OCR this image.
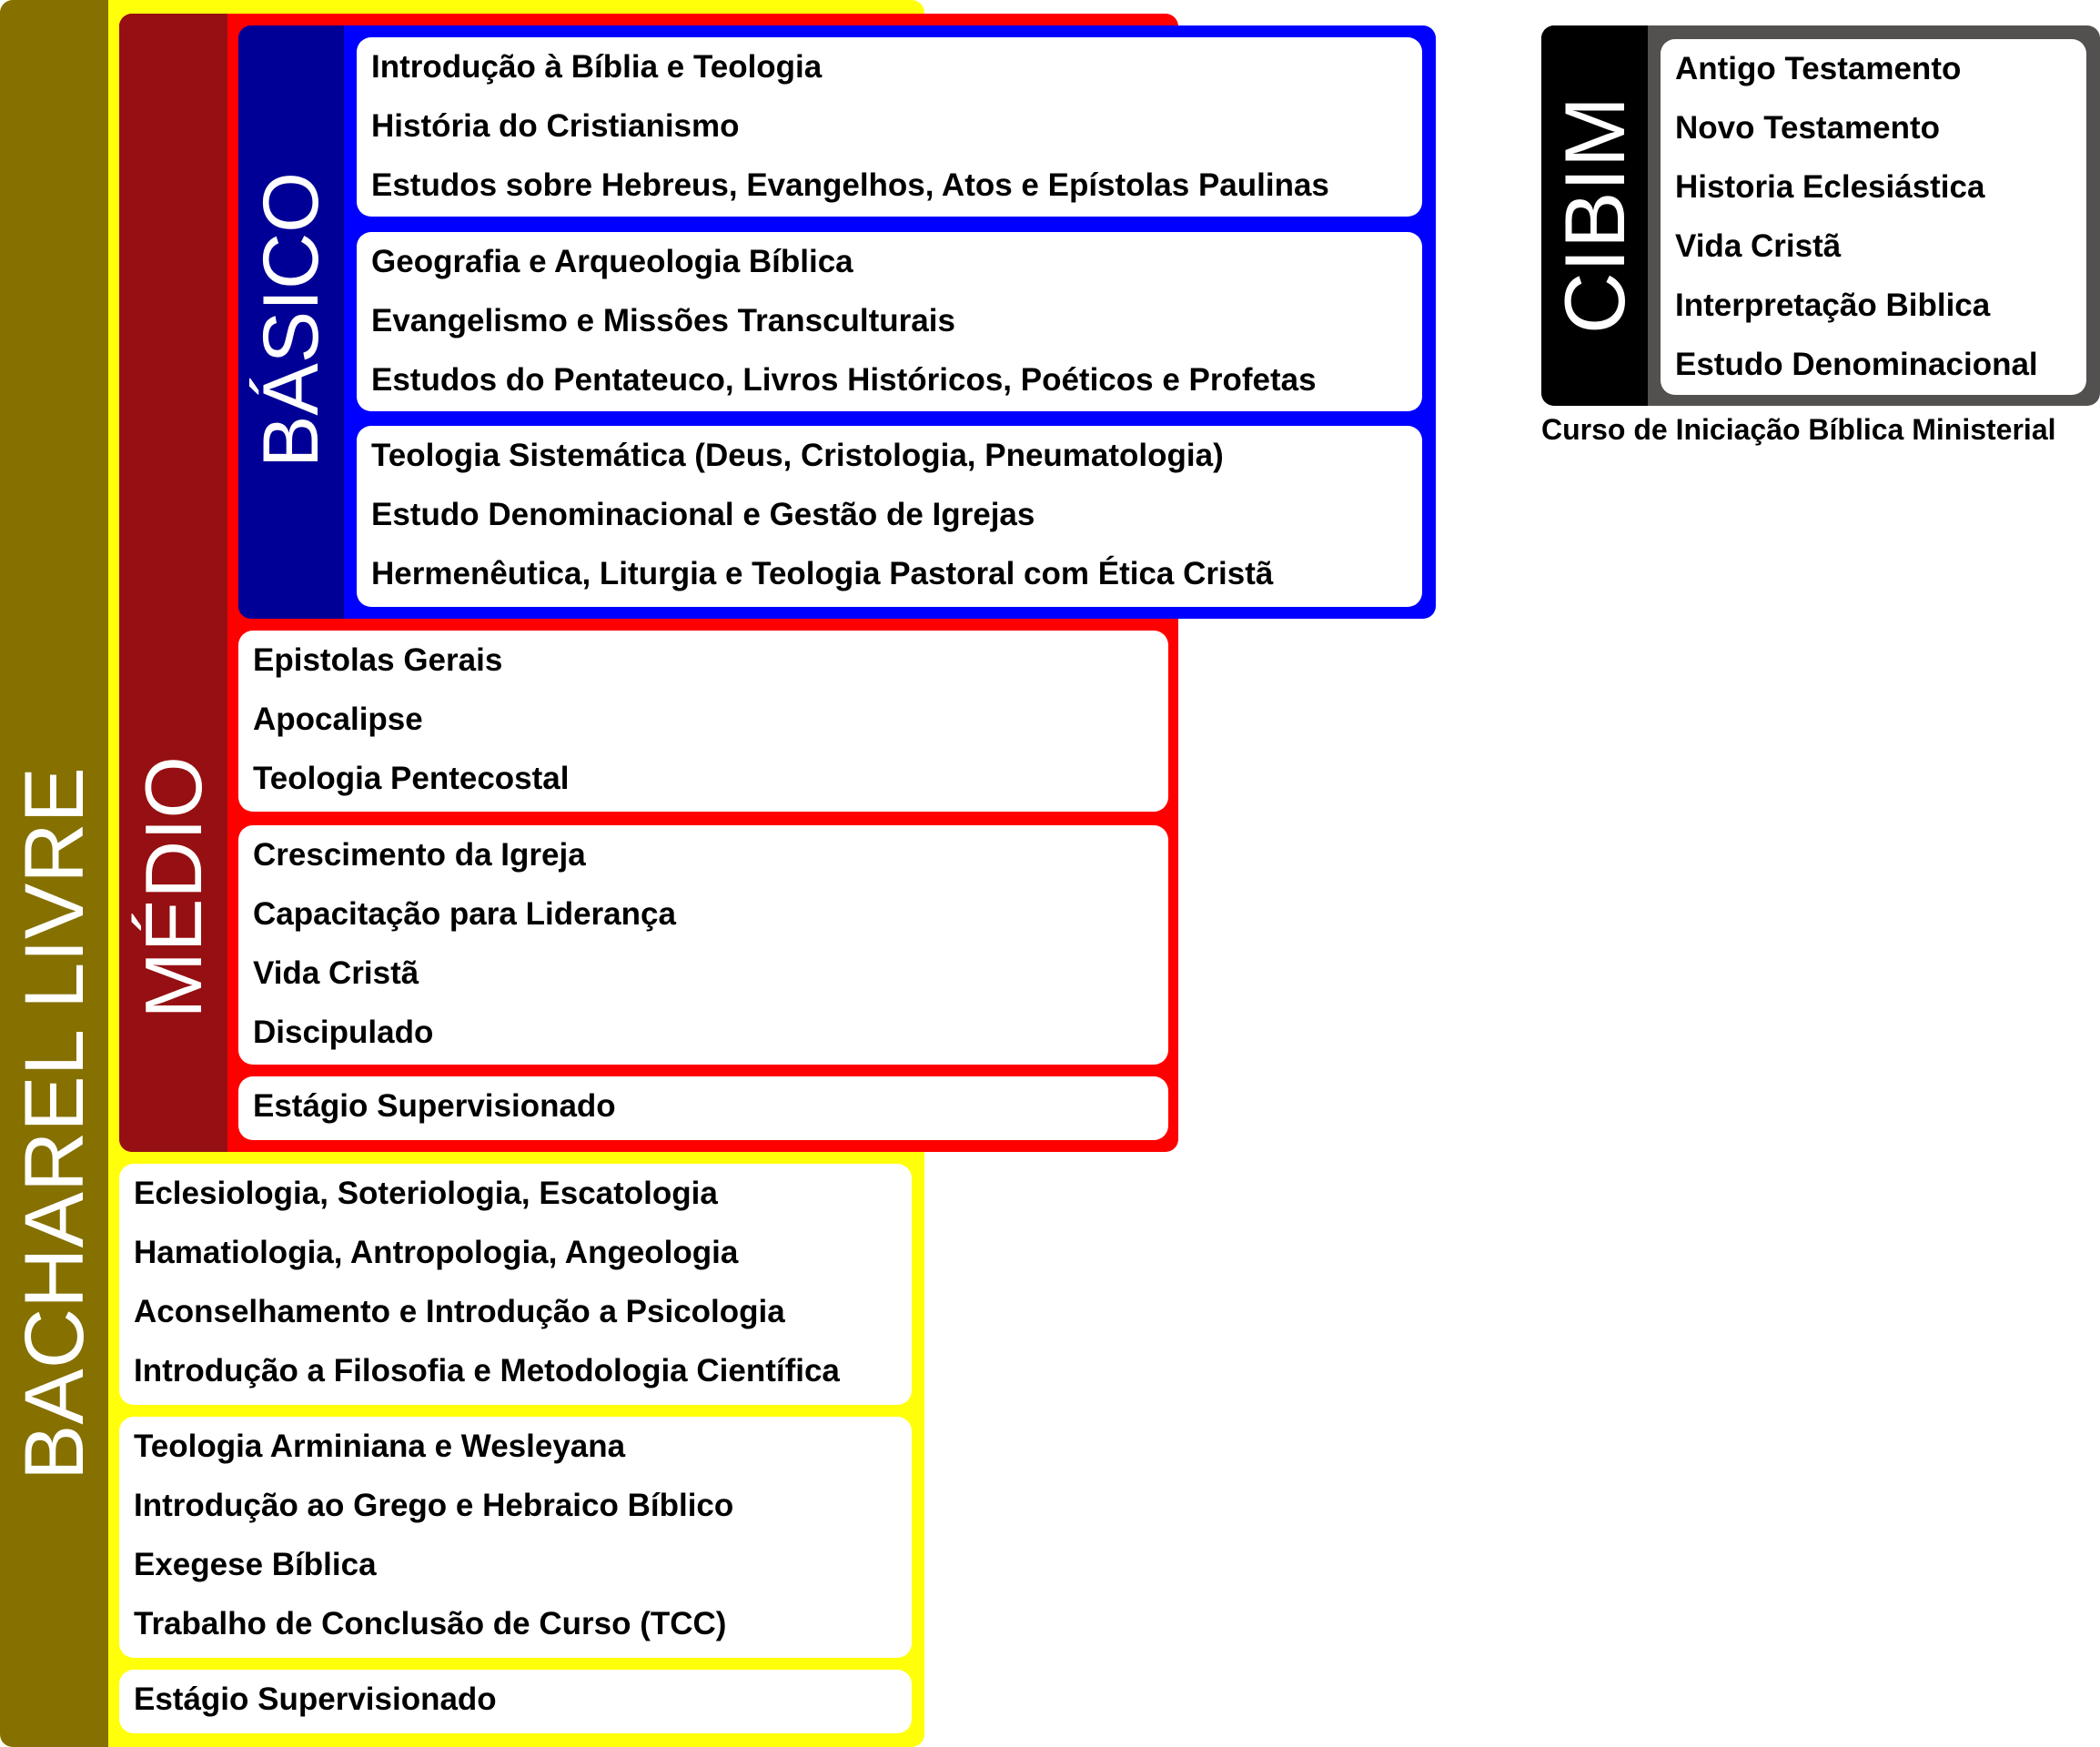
BACHAREL LIVRE Eclesiologia, Soteriologia, Escatologia
Hamatiologia, Antropologia, Angeologia
Aconselhamento e Introdução a Psicologia
Introdução a Filosofia e Metodologia Científica
Teologia Arminiana e Wesleyana
Introdução ao Grego e Hebraico Bíblico
Exegese Bíblica
Trabalho de Conclusão de Curso (TCC)
Estágio Supervisionado
MÉDIO
Epistolas Gerais
Apocalipse
Teologia Pentecostal
Crescimento da Igreja
Capacitação para Liderança
Vida Cristã
Discipulado
Estágio Supervisionado
BÁSICO
Introdução à Bíblia e Teologia
História do Cristianismo
Estudos sobre Hebreus, Evangelhos, Atos e Epístolas Paulinas
Geografia e Arqueologia Bíblica
Evangelismo e Missões Transculturais
Estudos do Pentateuco, Livros Históricos, Poéticos e Profetas
Teologia Sistemática (Deus, Cristologia, Pneumatologia)
Estudo Denominacional e Gestão de Igrejas
Hermenêutica, Liturgia e Teologia Pastoral com Ética Cristã
CIBIM
Antigo Testamento
Novo Testamento
Historia Eclesiástica
Vida Cristã
Interpretação Biblica
Estudo Denominacional
Curso de Iniciação Bíblica Ministerial
